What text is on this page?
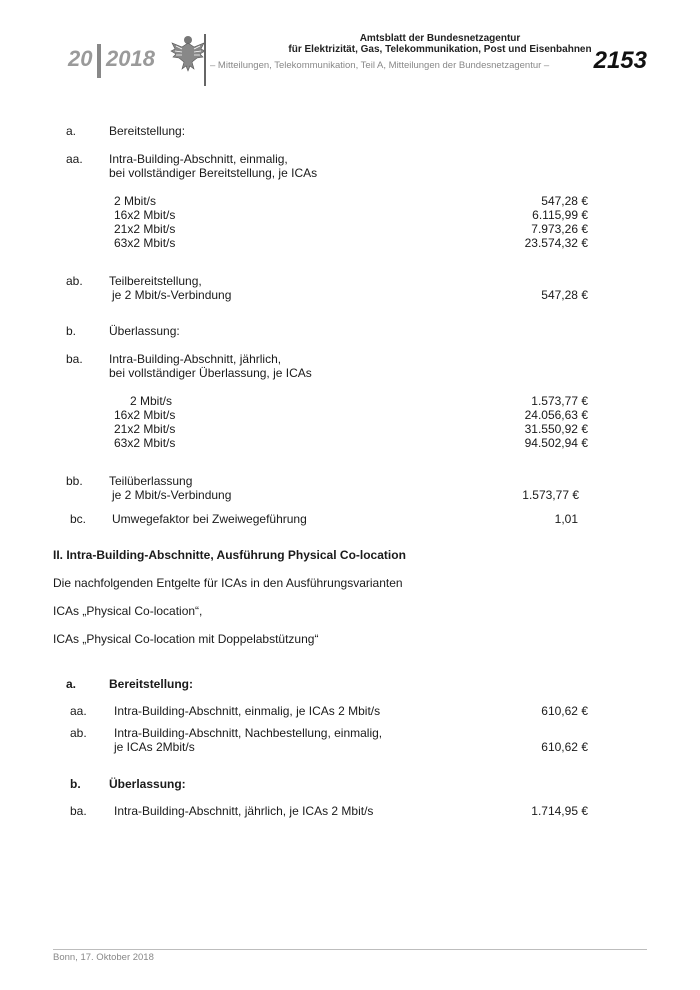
20 2018
Amtsblatt der Bundesnetzagentur
für Elektrizität, Gas, Telekommunikation, Post und Eisenbahnen
– Mitteilungen, Telekommunikation, Teil A, Mitteilungen der Bundesnetzagentur – 2153
a.	Bereitstellung:
aa. Intra-Building-Abschnitt, einmalig,
bei vollständiger Bereitstellung, je ICAs
2 Mbit/s	547,28 €
16x2 Mbit/s	6.115,99 €
21x2 Mbit/s	7.973,26 €
63x2 Mbit/s	23.574,32 €
ab. Teilbereitstellung,
je 2 Mbit/s-Verbindung	547,28 €
b.	Überlassung:
ba. Intra-Building-Abschnitt, jährlich,
bei vollständiger Überlassung, je ICAs
2 Mbit/s	1.573,77 €
16x2 Mbit/s	24.056,63 €
21x2 Mbit/s	31.550,92 €
63x2 Mbit/s	94.502,94 €
bb. Teilüberlassung
je 2 Mbit/s-Verbindung	1.573,77 €
bc. Umwegefaktor bei Zweiwegeführung	1,01
II. Intra-Building-Abschnitte, Ausführung Physical Co-location
Die nachfolgenden Entgelte für ICAs in den Ausführungsvarianten
ICAs „Physical Co-location“,
ICAs „Physical Co-location mit Doppelabstützung“
a.	Bereitstellung:
aa. Intra-Building-Abschnitt, einmalig, je ICAs 2 Mbit/s	610,62 €
ab. Intra-Building-Abschnitt, Nachbestellung, einmalig,
je ICAs 2Mbit/s	610,62 €
b. Überlassung:
ba. Intra-Building-Abschnitt, jährlich, je ICAs 2 Mbit/s	1.714,95 €
Bonn, 17. Oktober 2018
